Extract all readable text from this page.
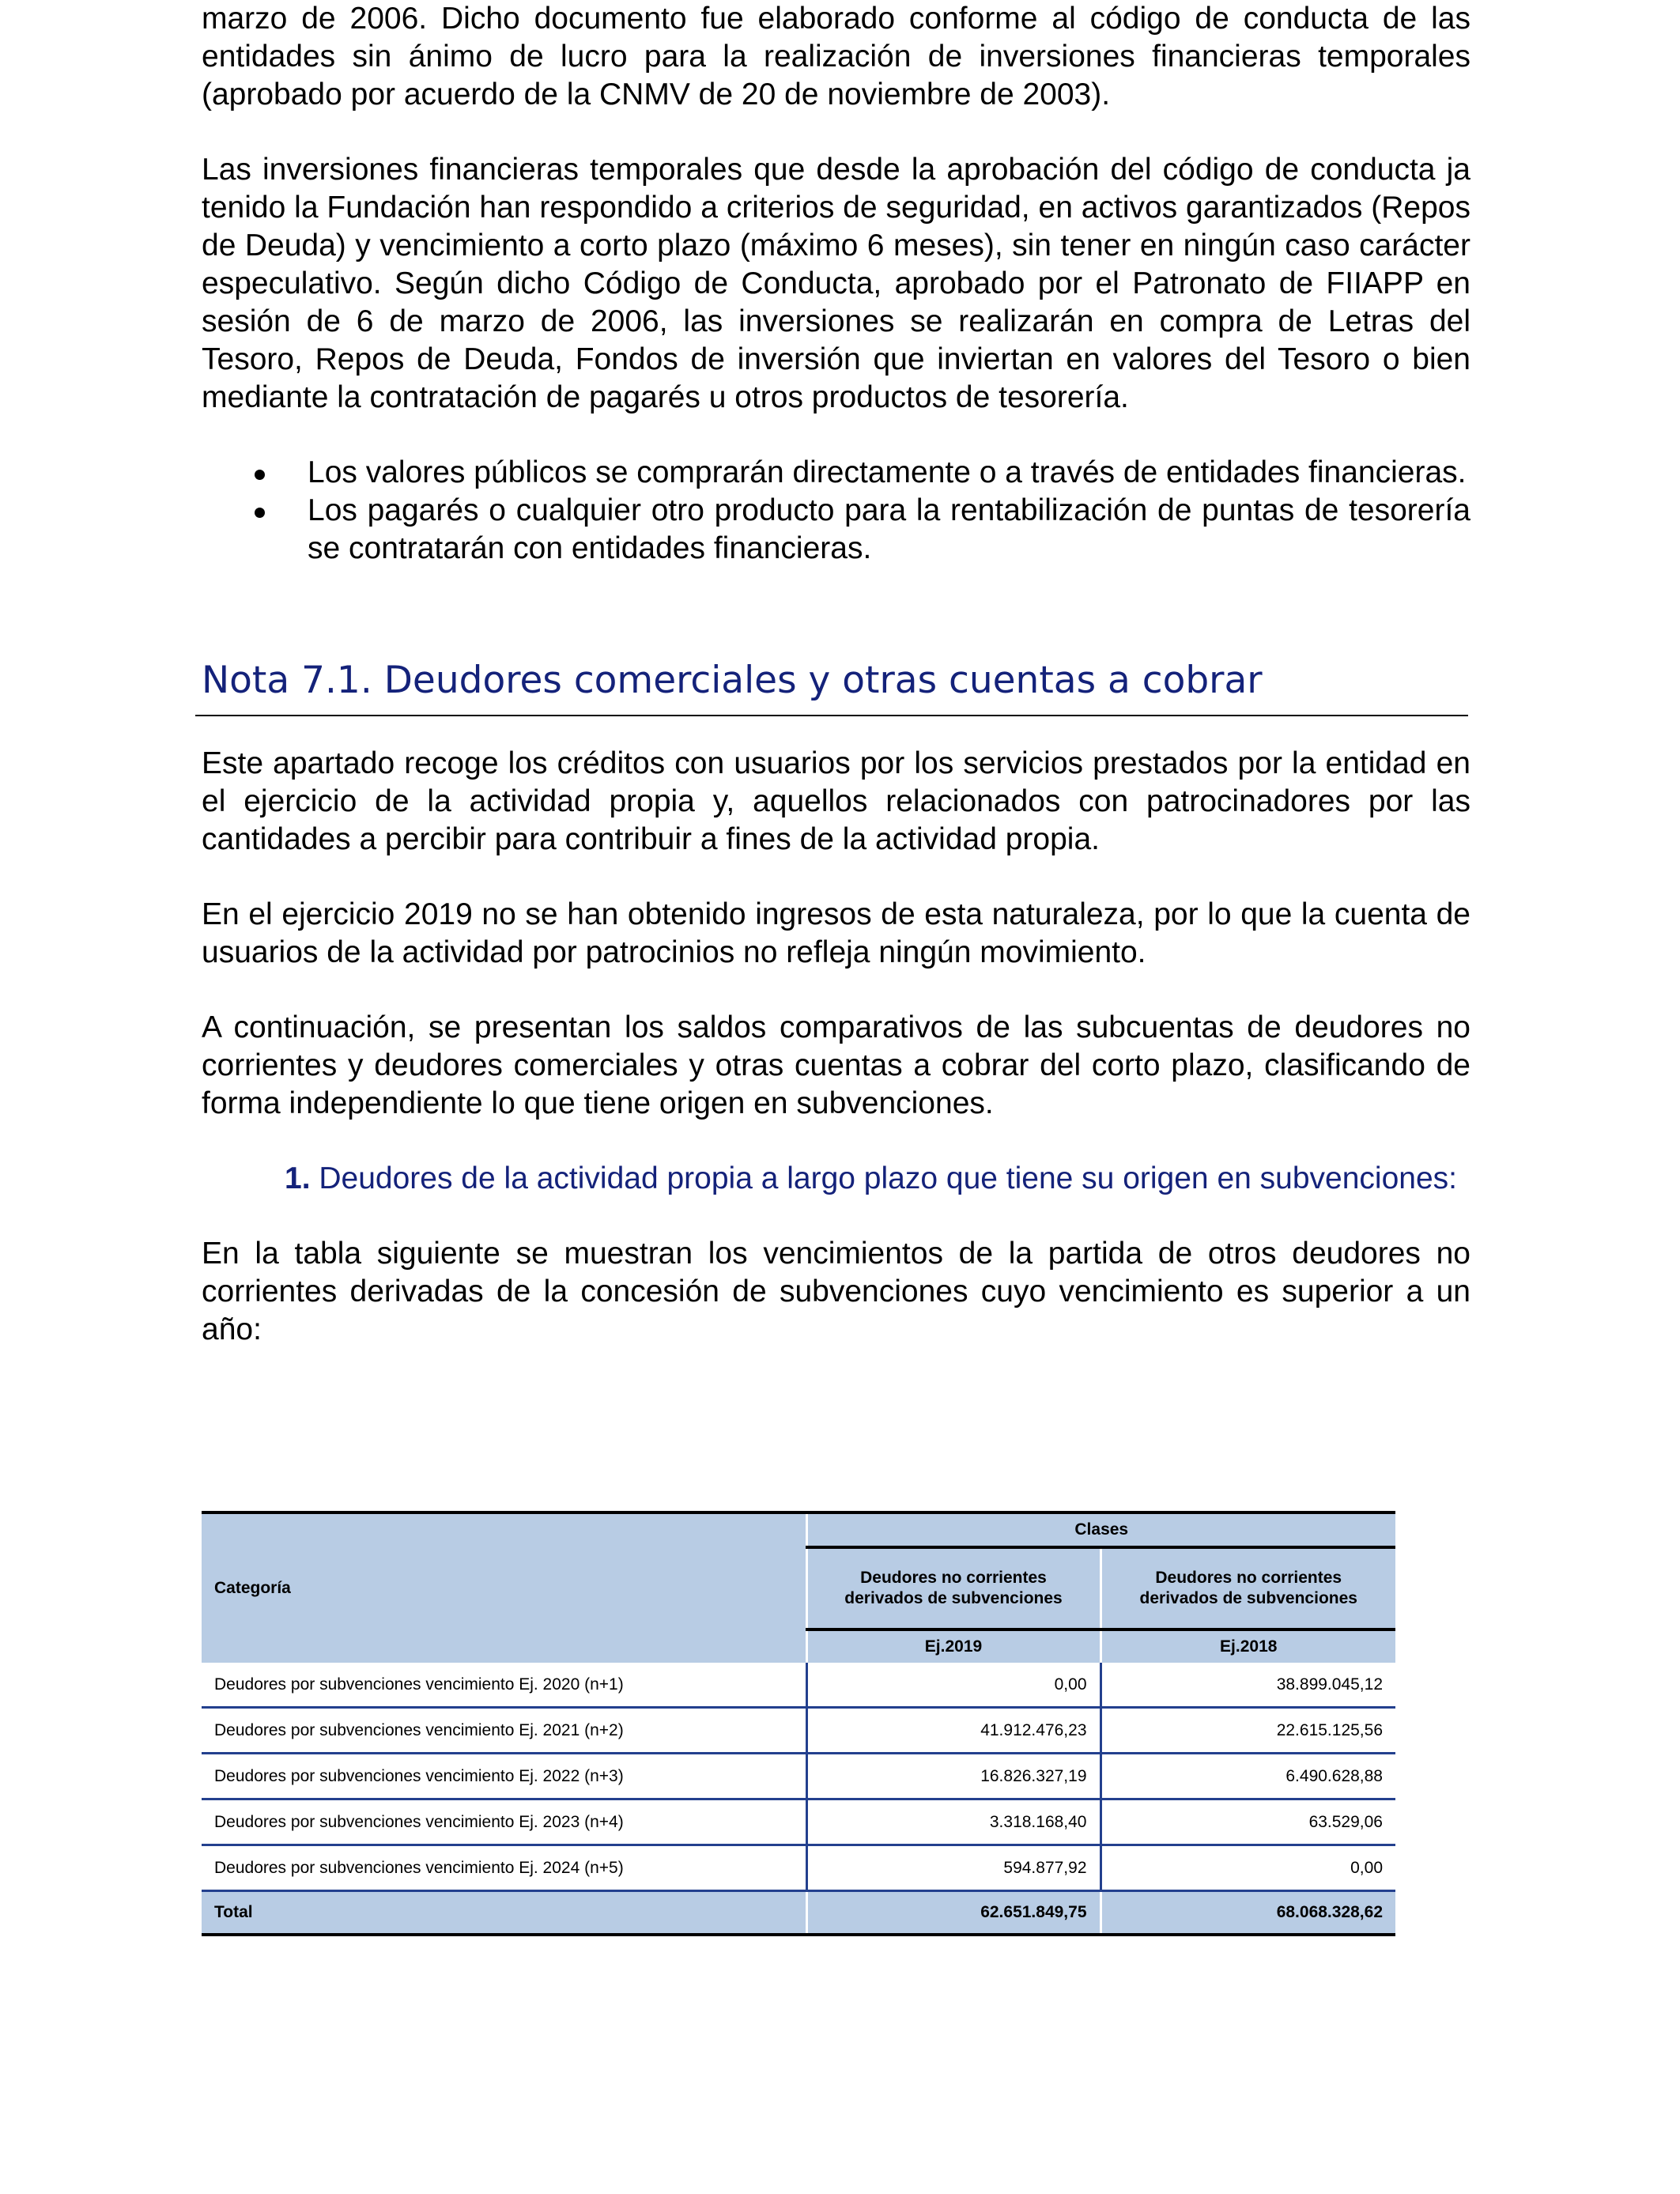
marzo de 2006. Dicho documento fue elaborado conforme al código de conducta de las entidades sin ánimo de lucro para la realización de inversiones financieras temporales (aprobado por acuerdo de la CNMV de 20 de noviembre de 2003).

Las inversiones financieras temporales que desde la aprobación del código de conducta ja tenido la Fundación han respondido a criterios de seguridad, en activos garantizados (Repos de Deuda) y vencimiento a corto plazo (máximo 6 meses), sin tener en ningún caso carácter especulativo. Según dicho Código de Conducta, aprobado por el Patronato de FIIAPP en sesión de 6 de marzo de 2006, las inversiones se realizarán en compra de Letras del Tesoro, Repos de Deuda, Fondos de inversión que inviertan en valores del Tesoro o bien mediante la contratación de pagarés u otros productos de tesorería.

Los valores públicos se comprarán directamente o a través de entidades financieras.
Los pagarés o cualquier otro producto para la rentabilización de puntas de tesorería se contratarán con entidades financieras.
Nota 7.1. Deudores comerciales y otras cuentas a cobrar

Este apartado recoge los créditos con usuarios por los servicios prestados por la entidad en el ejercicio de la actividad propia y, aquellos relacionados con patrocinadores por las cantidades a percibir para contribuir a fines de la actividad propia.

En el ejercicio 2019 no se han obtenido ingresos de esta naturaleza, por lo que la cuenta de usuarios de la actividad por patrocinios no refleja ningún movimiento.

A continuación, se presentan los saldos comparativos de las subcuentas de deudores no corrientes y deudores comerciales y otras cuentas a cobrar del corto plazo, clasificando de forma independiente lo que tiene origen en subvenciones.

1. Deudores de la actividad propia a largo plazo que tiene su origen en subvenciones:

En la tabla siguiente se muestran los vencimientos de la partida de otros deudores no corrientes derivadas de la concesión de subvenciones cuyo vencimiento es superior a un año:

Categoría	Clases	
	Deudores no corrientes derivados de subvenciones	Deudores no corrientes derivados de subvenciones
	Ej.2019	Ej.2018
Deudores por subvenciones vencimiento Ej. 2020 (n+1)	0,00	38.899.045,12
Deudores por subvenciones vencimiento Ej. 2021 (n+2)	41.912.476,23	22.615.125,56
Deudores por subvenciones vencimiento Ej. 2022 (n+3)	16.826.327,19	6.490.628,88
Deudores por subvenciones vencimiento Ej. 2023 (n+4)	3.318.168,40	63.529,06
Deudores por subvenciones vencimiento Ej. 2024 (n+5)	594.877,92	0,00
Total	62.651.849,75	68.068.328,62
